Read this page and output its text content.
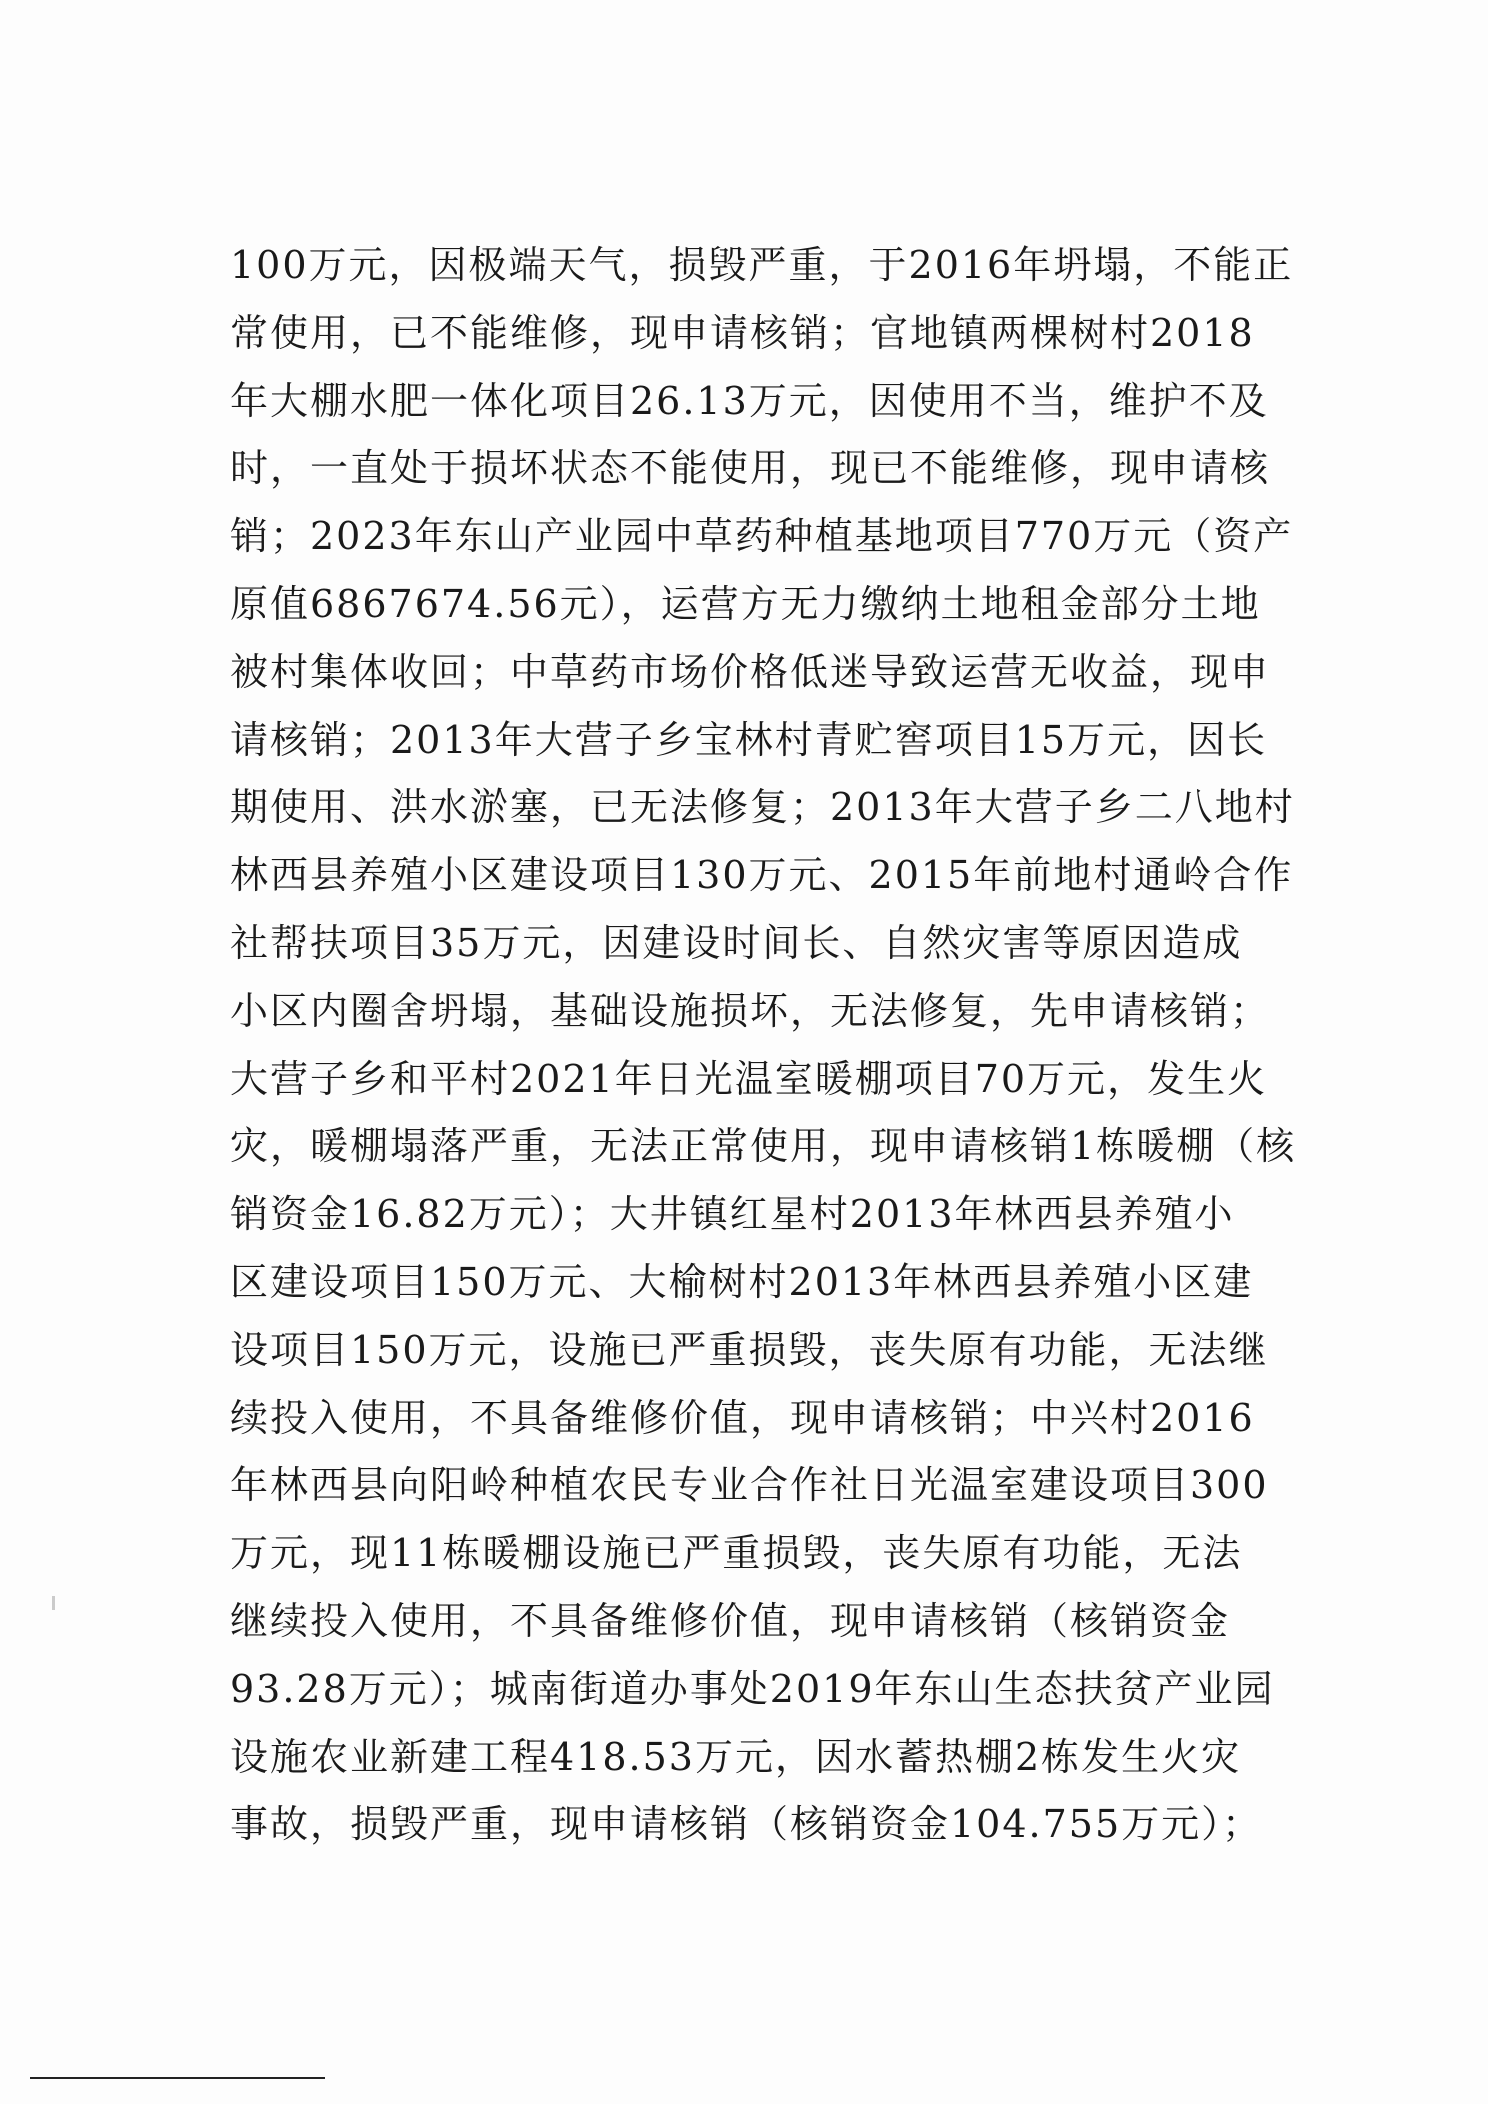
100万元，因极端天气，损毁严重，于2016年坍塌，不能正
常使用，已不能维修，现申请核销；官地镇两棵树村2018
年大棚水肥一体化项目26.13万元，因使用不当，维护不及
时，一直处于损坏状态不能使用，现已不能维修，现申请核
销；2023年东山产业园中草药种植基地项目770万元（资产
原值6867674.56元），运营方无力缴纳土地租金部分土地
被村集体收回；中草药市场价格低迷导致运营无收益，现申
请核销；2013年大营子乡宝林村青贮窖项目15万元，因长
期使用、洪水淤塞，已无法修复；2013年大营子乡二八地村
林西县养殖小区建设项目130万元、2015年前地村通岭合作
社帮扶项目35万元，因建设时间长、自然灾害等原因造成
小区内圈舍坍塌，基础设施损坏，无法修复，先申请核销；
大营子乡和平村2021年日光温室暖棚项目70万元，发生火
灾，暖棚塌落严重，无法正常使用，现申请核销1栋暖棚（核
销资金16.82万元）；大井镇红星村2013年林西县养殖小
区建设项目150万元、大榆树村2013年林西县养殖小区建
设项目150万元，设施已严重损毁，丧失原有功能，无法继
续投入使用，不具备维修价值，现申请核销；中兴村2016
年林西县向阳岭种植农民专业合作社日光温室建设项目300
万元，现11栋暖棚设施已严重损毁，丧失原有功能，无法
继续投入使用，不具备维修价值，现申请核销（核销资金
93.28万元）；城南街道办事处2019年东山生态扶贫产业园
设施农业新建工程418.53万元，因水蓄热棚2栋发生火灾
事故，损毁严重，现申请核销（核销资金104.755万元）；
